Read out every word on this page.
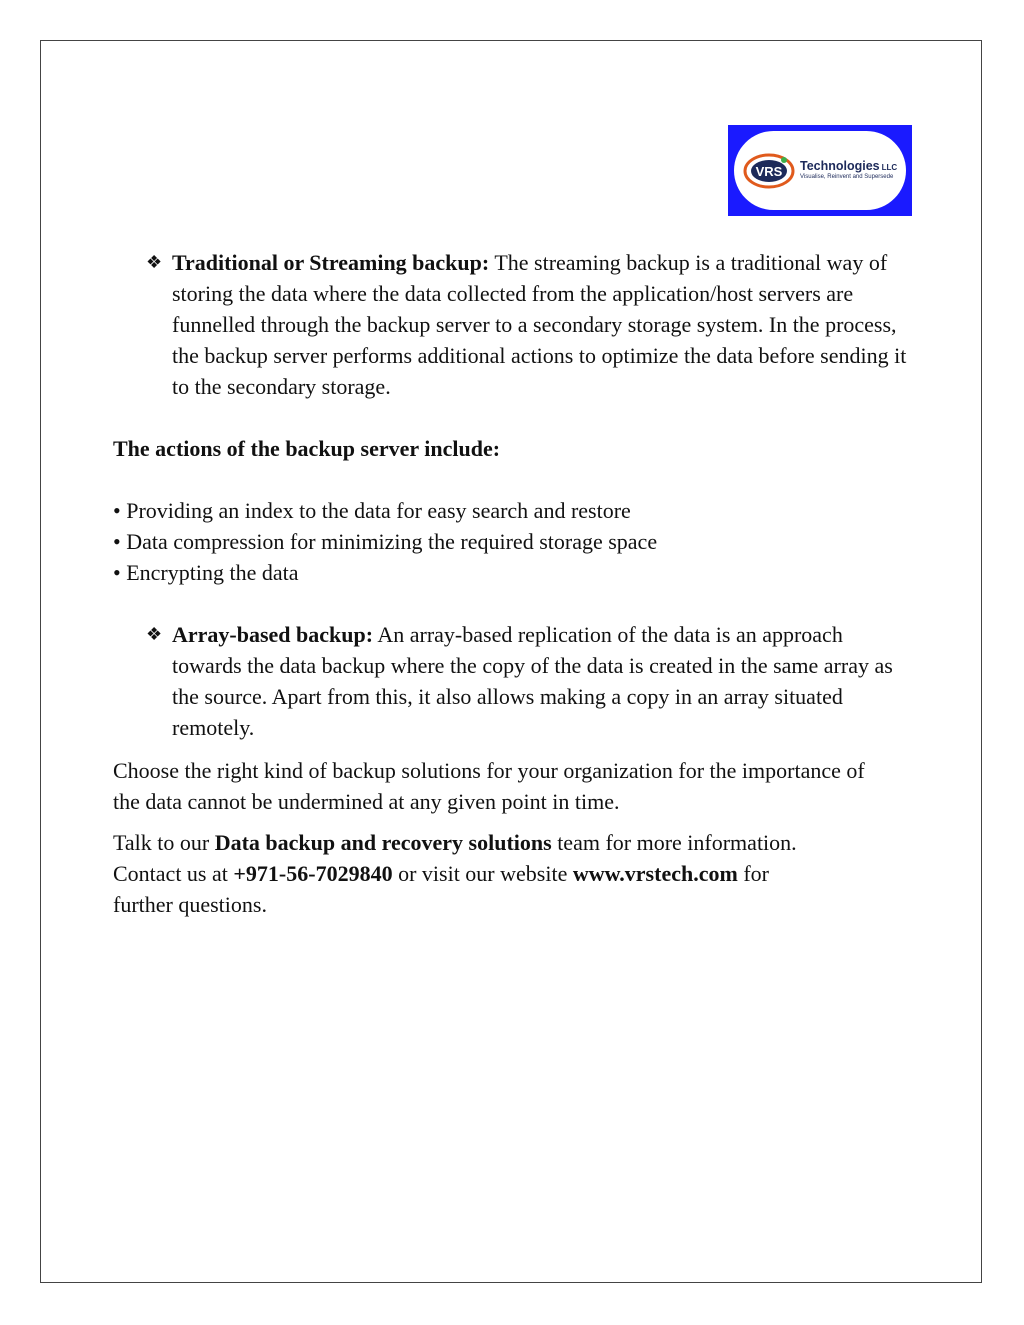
VRS Technologies LLC
Visualise, Reinvent and Supersede
❖ Traditional or Streaming backup: The streaming backup is a traditional way of storing the data where the data collected from the application/host servers are funnelled through the backup server to a secondary storage system. In the process, the backup server performs additional actions to optimize the data before sending it to the secondary storage.

The actions of the backup server include:

• Providing an index to the data for easy search and restore
• Data compression for minimizing the required storage space
• Encrypting the data
❖ Array-based backup: An array-based replication of the data is an approach towards the data backup where the copy of the data is created in the same array as the source. Apart from this, it also allows making a copy in an array situated remotely.

Choose the right kind of backup solutions for your organization for the importance of the data cannot be undermined at any given point in time.

Talk to our Data backup and recovery solutions team for more information. Contact us at +971-56-7029840 or visit our website www.vrstech.com for further questions.
